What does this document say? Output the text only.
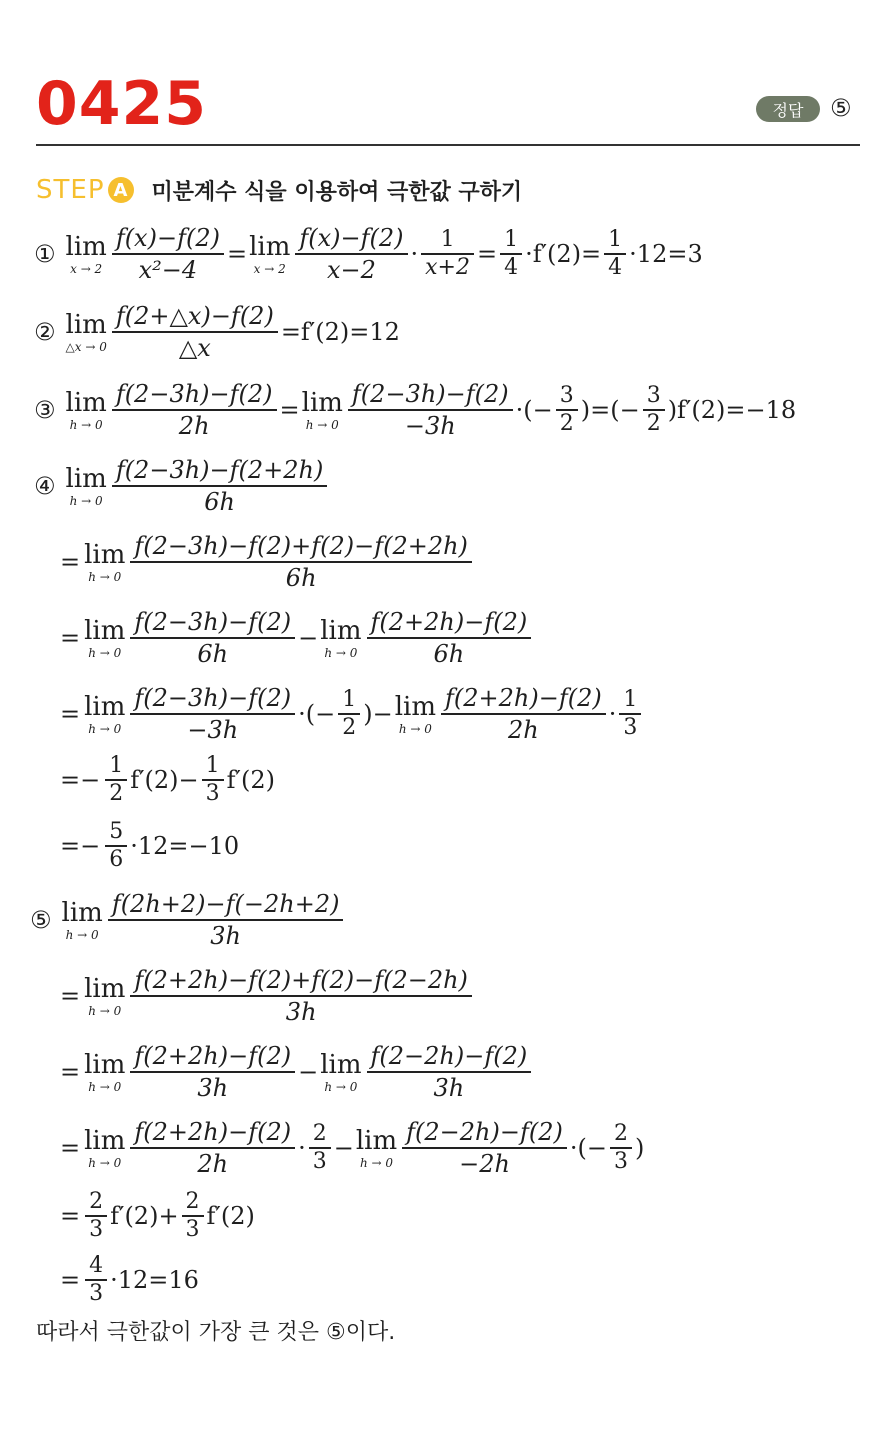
0425	정답	⑤
STEP A 미분계수 식을 이용하여 극한값 구하기
① lim
$x \to 2 \frac{f(x)-f(2)}{\text{x²−4}} = \lim$
$x \to 2 \frac{f(x)-f(2)}{x-2} \cdot \frac{1}{x+2} = \frac{1}{4} \cdot f'(2)= \frac{1}{4} \cdot 12=3$
② lim
△x → $0 \frac{f(2+\triangle x)-f(2)}{\triangle x} =f'(2)=12$
③ lim
$h \to 0 \frac{f(2-3h)-f(2)}{2h} = \lim$
$h \to 0 \frac{f(2-3h)-f(2)}{-3h}$ ·(− $\frac{3}{2}$ )=(− $\frac{3}{2} )f'(2)=-18$
④ lim
$h \to 0 \frac{f(2-3h)-f(2+2h)}{6h}$
= lim
$h \to 0 \frac{f(2-3h)-f(2)+f(2)-f(2+2h)}{6h}$
= lim
$h \to 0 \frac{f(2-3h)-f(2)}{6h} - \lim$
$h \to 0 \frac{f(2+2h)-f(2)}{6h}$
= lim
$h \to 0 \frac{f(2-3h)-f(2)}{-3h}$ ·(− $\frac{1}{2}$ )− lim
$h \to 0 \frac{f(2+2h)-f(2)}{2h} \cdot \frac{1}{3}$
=− $\frac{1}{2} f'(2)- \frac{1}{3} f'(2)$
=− $\frac{5}{6} \cdot 12=-10$
⑤ lim
$h \to 0 \frac{f(2h+2)-f(-2h+2)}{3h}$
= lim
$h \to 0 \frac{f(2+2h)-f(2)+f(2)-f(2-2h)}{3h}$
= lim
$h \to 0 \frac{f(2+2h)-f(2)}{3h} - \lim$
$h \to 0 \frac{f(2-2h)-f(2)}{3h}$
= lim
$h \to 0 \frac{f(2+2h)-f(2)}{2h} \cdot \frac{2}{3} - \lim$
$h \to 0 \frac{f(2-2h)-f(2)}{-2h}$ ·(− $\frac{2}{3}$ )
= $\frac{2}{3} f'(2)+ \frac{2}{3} f'(2)$
= $\frac{4}{3} \cdot 12=16$
따라서 극한값이 가장 큰 것은 ⑤이다.
